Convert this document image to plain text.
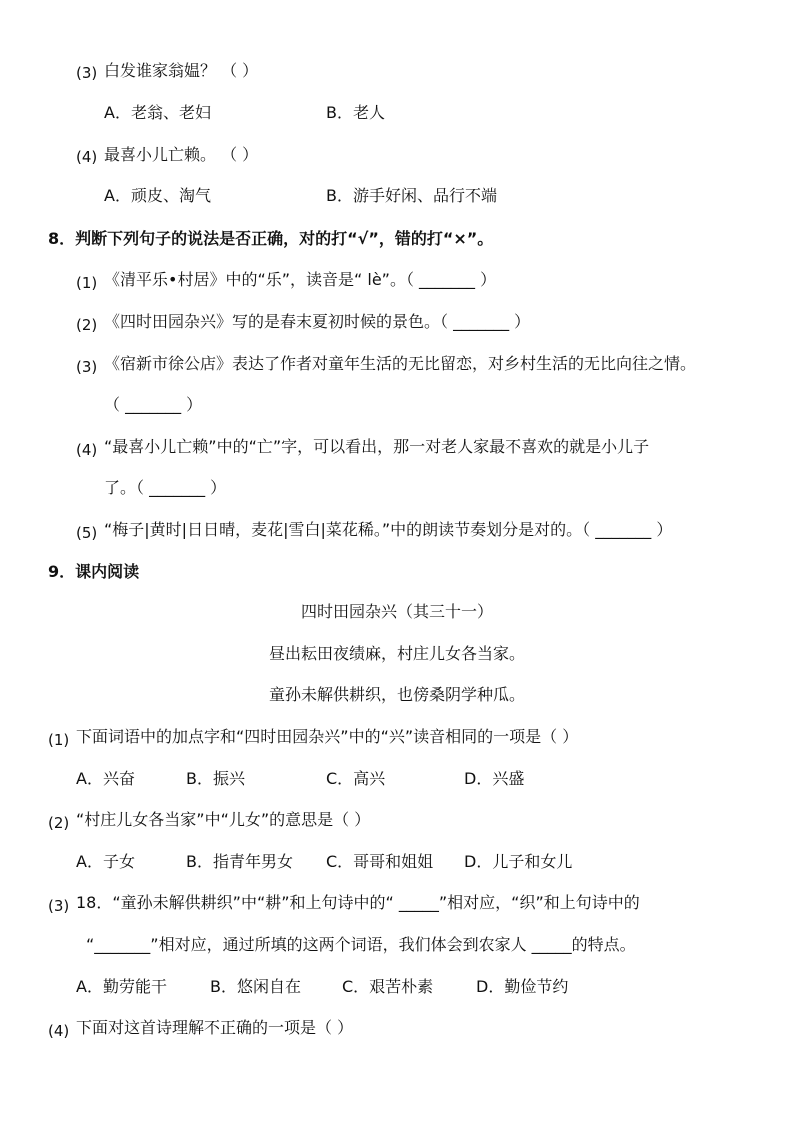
(3) 白发谁家翁媪？ （ ）
A．老翁、老妇	B．老人
(4) 最喜小儿亡赖。 （ ）
A．顽皮、淘气	B．游手好闲、品行不端
8．判断下列句子的说法是否正确，对的打“√”，错的打“×”。
(1) 《清平乐•村居》中的“乐”，读音是“ lè”。（ _______ ）
(2) 《四时田园杂兴》写的是春末夏初时候的景色。（ _______ ）
(3) 《宿新市徐公店》表达了作者对童年生活的无比留恋，对乡村生活的无比向往之情。
（ _______ ）
(4) “最喜小儿亡赖”中的“亡”字，可以看出，那一对老人家最不喜欢的就是小儿子
了。（ _______ ）
(5) “梅子|黄时|日日晴，麦花|雪白|菜花稀。”中的朗读节奏划分是对的。（ _______ ）
9．课内阅读
四时田园杂兴（其三十一）
昼出耘田夜绩麻，村庄儿女各当家。
童孙未解供耕织，也傍桑阴学种瓜。
(1) 下面词语中的加点字和“四时田园杂兴”中的“兴”读音相同的一项是（ ）
A．兴奋	B．振兴	C．高兴	D．兴盛
(2) “村庄儿女各当家”中“儿女”的意思是（ ）
A．子女	B．指青年男女 C．哥哥和姐姐 D．儿子和女儿
(3) 18．“童孙未解供耕织”中“耕”和上句诗中的“ _____”相对应，“织”和上句诗中的
“_______”相对应，通过所填的这两个词语，我们体会到农家人 _____的特点。
A．勤劳能干	B．悠闲自在	C．艰苦朴素	D．勤俭节约
(4) 下面对这首诗理解不正确的一项是（ ）
